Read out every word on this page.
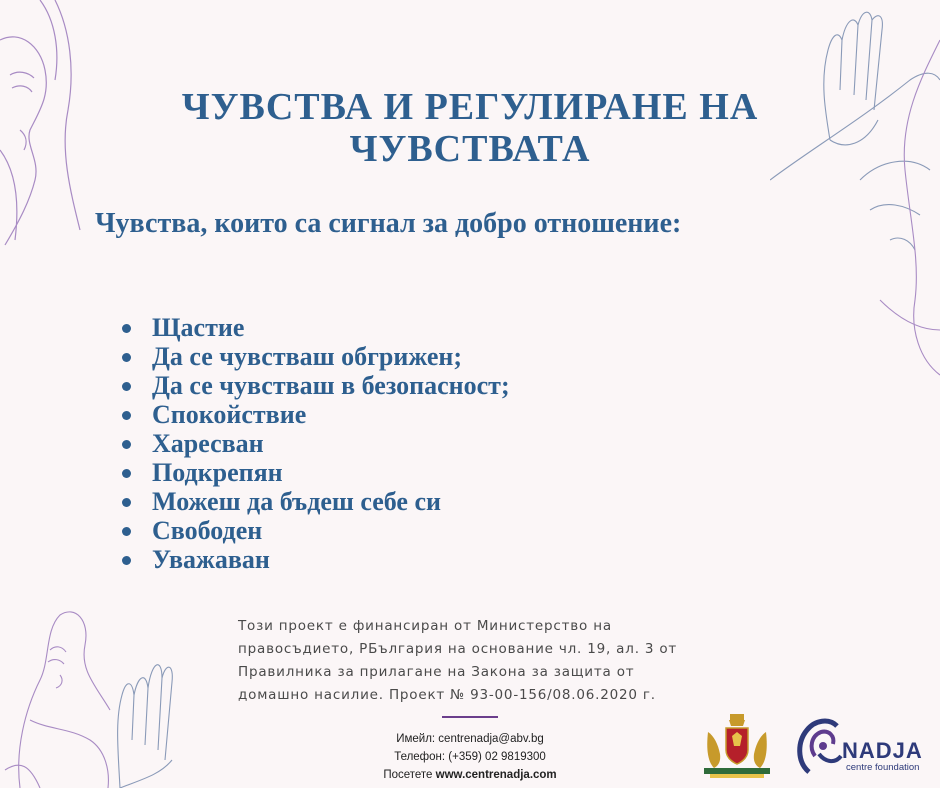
ЧУВСТВА И РЕГУЛИРАНЕ НА ЧУВСТВАТА
Чувства, които са сигнал за добро отношение:
Щастие
Да се чувстваш обгрижен;
Да се чувстваш в безопасност;
Спокойствие
Харесван
Подкрепян
Можеш да бъдеш себе си
Свободен
Уважаван

Този проект е финансиран от Министерство на правосъдието, РБългария на основание чл. 19, ал. 3 от Правилника за прилагане на Закона за защита от домашно насилие. Проект № 93-00-156/08.06.2020 г.

Имейл: centrenadja@abv.bg
Телефон: (+359) 02 9819300
Посетете www.centrenadja.com
NADJA
centre foundation
